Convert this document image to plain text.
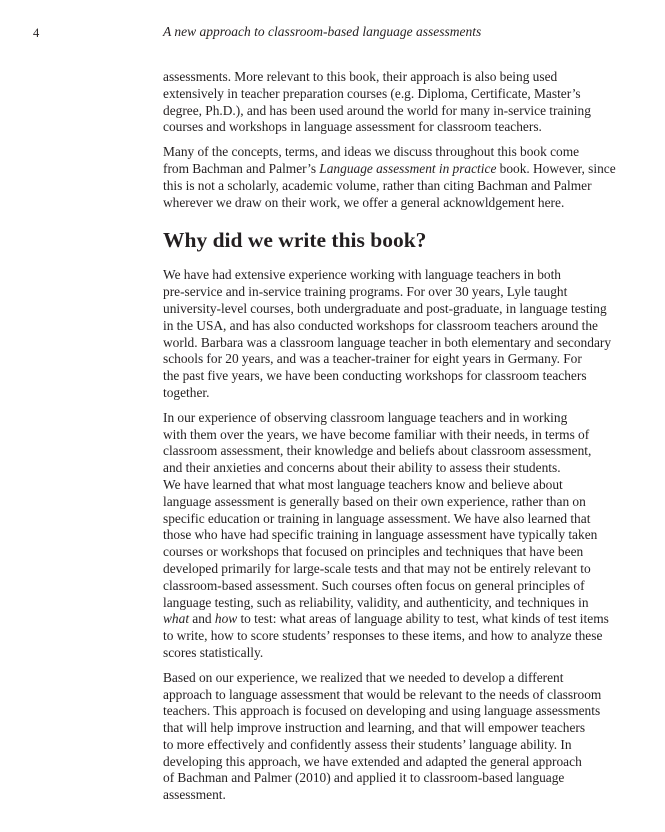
4	A new approach to classroom-based language assessments

assessments. More relevant to this book, their approach is also being used
extensively in teacher preparation courses (e.g. Diploma, Certificate, Master’s
degree, Ph.D.), and has been used around the world for many in-service training
courses and workshops in language assessment for classroom teachers.

Many of the concepts, terms, and ideas we discuss throughout this book come
from Bachman and Palmer’s Language assessment in practice book. However, since
this is not a scholarly, academic volume, rather than citing Bachman and Palmer
wherever we draw on their work, we offer a general acknowldgement here.

Why did we write this book?

We have had extensive experience working with language teachers in both
pre-service and in-service training programs. For over 30 years, Lyle taught
university-level courses, both undergraduate and post-graduate, in language testing
in the USA, and has also conducted workshops for classroom teachers around the
world. Barbara was a classroom language teacher in both elementary and secondary
schools for 20 years, and was a teacher-trainer for eight years in Germany. For
the past five years, we have been conducting workshops for classroom teachers
together.

In our experience of observing classroom language teachers and in working
with them over the years, we have become familiar with their needs, in terms of
classroom assessment, their knowledge and beliefs about classroom assessment,
and their anxieties and concerns about their ability to assess their students.
We have learned that what most language teachers know and believe about
language assessment is generally based on their own experience, rather than on
specific education or training in language assessment. We have also learned that
those who have had specific training in language assessment have typically taken
courses or workshops that focused on principles and techniques that have been
developed primarily for large-scale tests and that may not be entirely relevant to
classroom-based assessment. Such courses often focus on general principles of
language testing, such as reliability, validity, and authenticity, and techniques in
what and how to test: what areas of language ability to test, what kinds of test items
to write, how to score students’ responses to these items, and how to analyze these
scores statistically.

Based on our experience, we realized that we needed to develop a different
approach to language assessment that would be relevant to the needs of classroom
teachers. This approach is focused on developing and using language assessments
that will help improve instruction and learning, and that will empower teachers
to more effectively and confidently assess their students’ language ability. In
developing this approach, we have extended and adapted the general approach
of Bachman and Palmer (2010) and applied it to classroom-based language
assessment.
